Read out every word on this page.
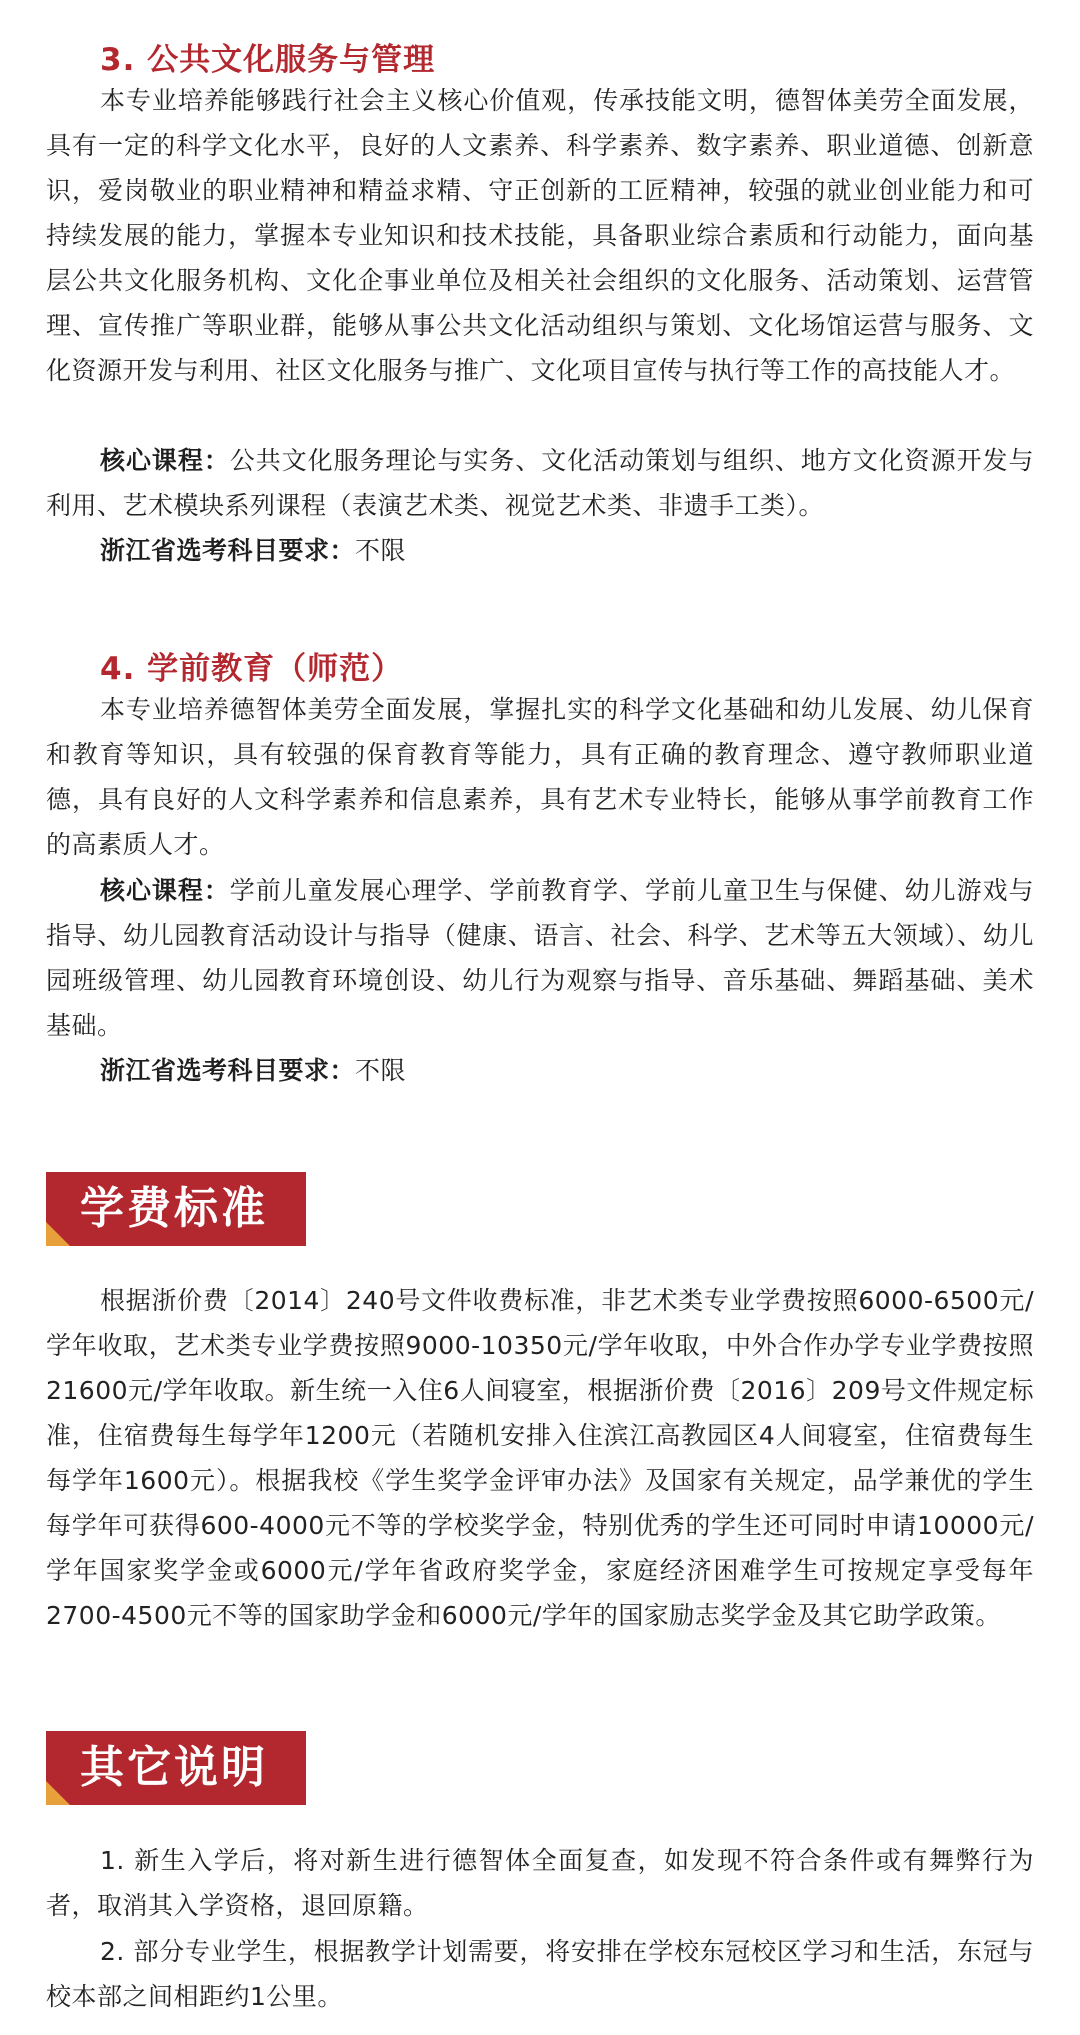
3. 公共文化服务与管理

本专业培养能够践行社会主义核心价值观，传承技能文明，德智体美劳全面发展，具有一定的科学文化水平，良好的人文素养、科学素养、数字素养、职业道德、创新意识，爱岗敬业的职业精神和精益求精、守正创新的工匠精神，较强的就业创业能力和可持续发展的能力，掌握本专业知识和技术技能，具备职业综合素质和行动能力，面向基层公共文化服务机构、文化企事业单位及相关社会组织的文化服务、活动策划、运营管理、宣传推广等职业群，能够从事公共文化活动组织与策划、文化场馆运营与服务、文化资源开发与利用、社区文化服务与推广、文化项目宣传与执行等工作的高技能人才。

核心课程：公共文化服务理论与实务、文化活动策划与组织、地方文化资源开发与利用、艺术模块系列课程（表演艺术类、视觉艺术类、非遗手工类）。

浙江省选考科目要求：不限

4. 学前教育（师范）

本专业培养德智体美劳全面发展，掌握扎实的科学文化基础和幼儿发展、幼儿保育和教育等知识，具有较强的保育教育等能力，具有正确的教育理念、遵守教师职业道德，具有良好的人文科学素养和信息素养，具有艺术专业特长，能够从事学前教育工作的高素质人才。

核心课程：学前儿童发展心理学、学前教育学、学前儿童卫生与保健、幼儿游戏与指导、幼儿园教育活动设计与指导（健康、语言、社会、科学、艺术等五大领域）、幼儿园班级管理、幼儿园教育环境创设、幼儿行为观察与指导、音乐基础、舞蹈基础、美术基础。

浙江省选考科目要求：不限

学费标准

根据浙价费〔2014〕240号文件收费标准，非艺术类专业学费按照6000-6500元/学年收取，艺术类专业学费按照9000-10350元/学年收取，中外合作办学专业学费按照21600元/学年收取。新生统一入住6人间寝室，根据浙价费〔2016〕209号文件规定标准，住宿费每生每学年1200元（若随机安排入住滨江高教园区4人间寝室，住宿费每生每学年1600元）。根据我校《学生奖学金评审办法》及国家有关规定，品学兼优的学生每学年可获得600-4000元不等的学校奖学金，特别优秀的学生还可同时申请10000元/学年国家奖学金或6000元/学年省政府奖学金，家庭经济困难学生可按规定享受每年2700-4500元不等的国家助学金和6000元/学年的国家励志奖学金及其它助学政策。

其它说明

1. 新生入学后，将对新生进行德智体全面复查，如发现不符合条件或有舞弊行为者，取消其入学资格，退回原籍。

2. 部分专业学生，根据教学计划需要，将安排在学校东冠校区学习和生活，东冠与校本部之间相距约1公里。
